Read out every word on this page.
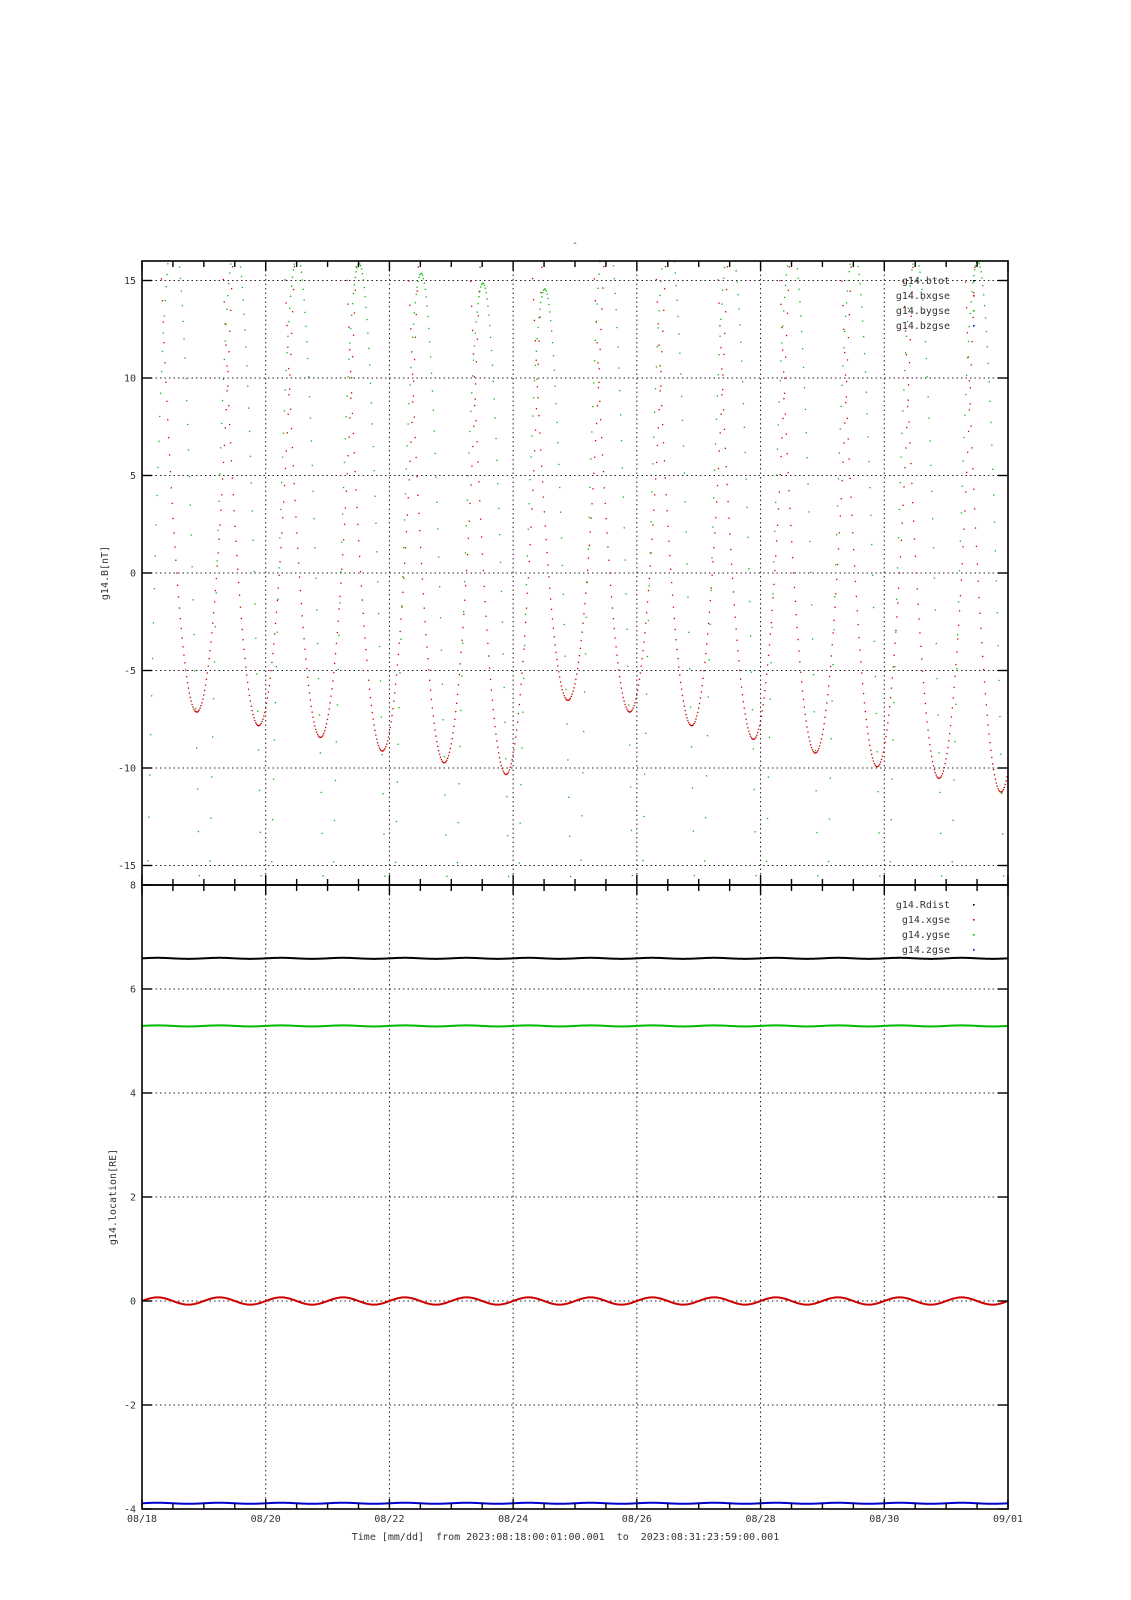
-
-15
-10
-5
0
5
10
15
g14.B[nT]
g14.btot
g14.bxgse
g14.bygse
g14.bzgse
-4
-2
0
2
4
6
8
08/18	08/20	08/22	08/24	08/26	08/28	08/30	09/01
g14.location[RE]
g14.Rdist
g14.xgse
g14.ygse
g14.zgse
Time [mm/dd]  from 2023:08:18:00:01:00.001  to  2023:08:31:23:59:00.001
